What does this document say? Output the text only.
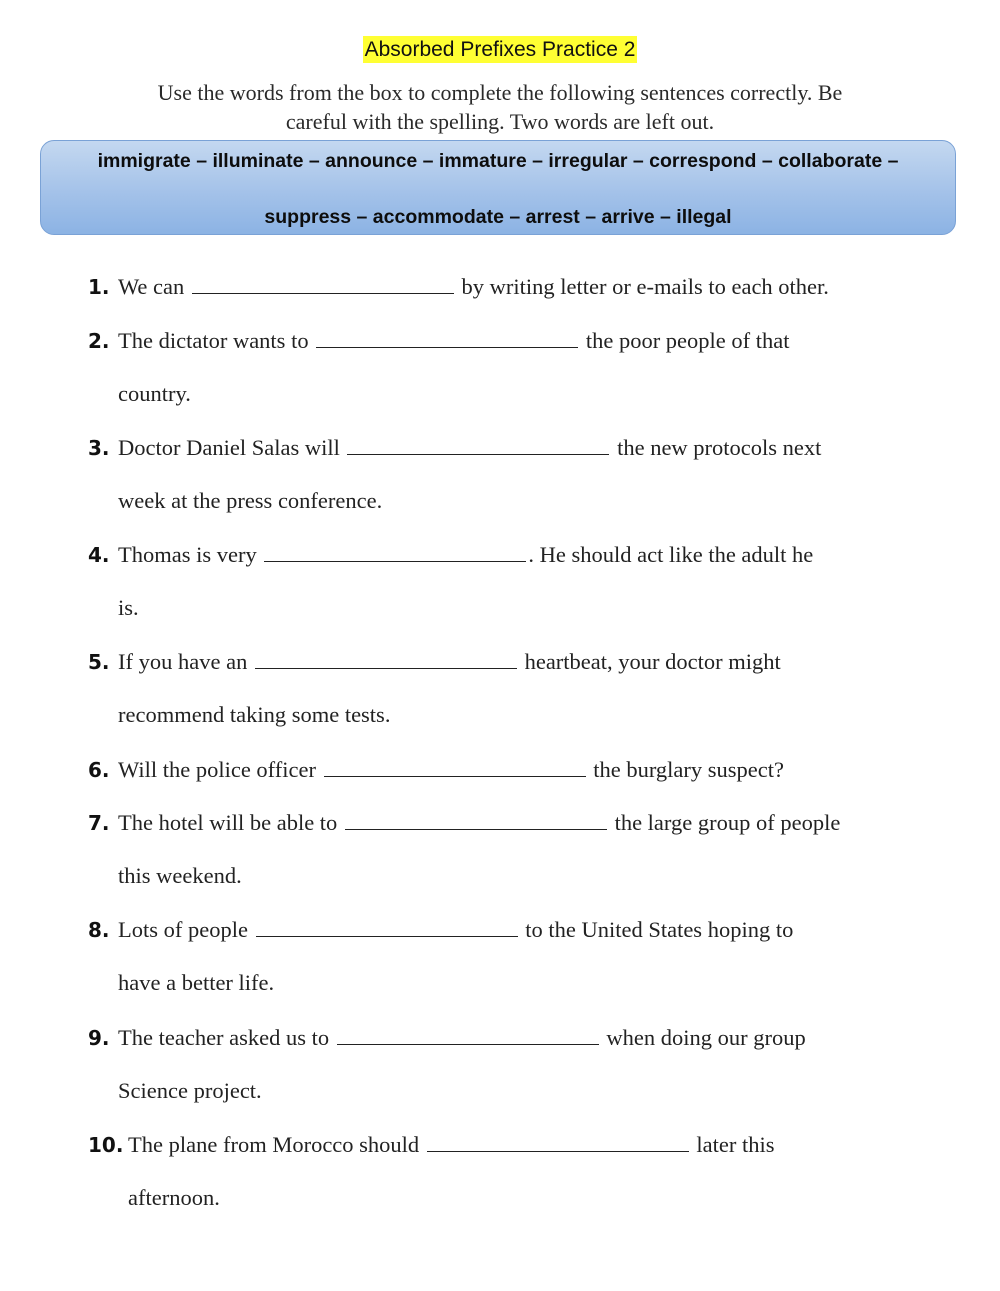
Absorbed Prefixes Practice 2
Use the words from the box to complete the following sentences correctly. Be
careful with the spelling. Two words are left out.
immigrate – illuminate – announce – immature – irregular – correspond – collaborate –
suppress – accommodate – arrest – arrive – illegal
1. We can	by writing letter or e-mails to each other.
2. The dictator wants to	the poor people of that
country.
3. Doctor Daniel Salas will	the new protocols next
week at the press conference.
4. Thomas is very	. He should act like the adult he
is.
5. If you have an	heartbeat, your doctor might
recommend taking some tests.
6. Will the police officer	the burglary suspect?
7. The hotel will be able to	the large group of people
this weekend.
8. Lots of people	to the United States hoping to
have a better life.
9. The teacher asked us to	when doing our group
Science project.
10. The plane from Morocco should	later this
afternoon.
